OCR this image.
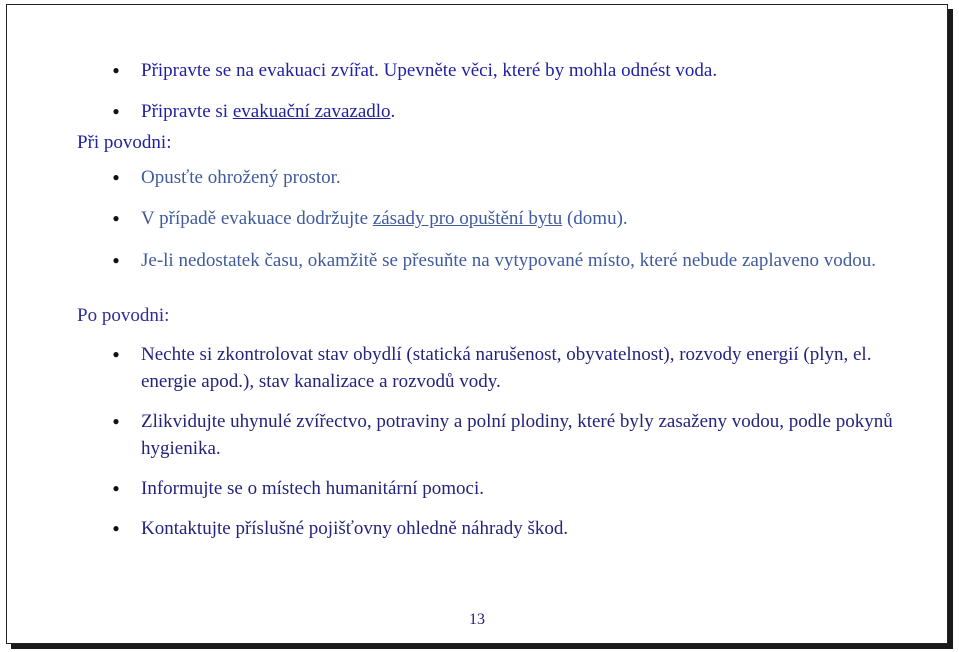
● Připravte se na evakuaci zvířat. Upevněte věci, které by mohla odnést voda.
● Připravte si evakuační zavazadlo.
Při povodni:
● Opusťte ohrožený prostor.
● V případě evakuace dodržujte zásady pro opuštění bytu (domu).
● Je-li nedostatek času, okamžitě se přesuňte na vytypované místo, které nebude zaplaveno vodou.
Po povodni:
● Nechte si zkontrolovat stav obydlí (statická narušenost, obyvatelnost), rozvody energií (plyn, el. energie apod.), stav kanalizace a rozvodů vody.
● Zlikvidujte uhynulé zvířectvo, potraviny a polní plodiny, které byly zasaženy vodou, podle pokynů hygienika.
● Informujte se o místech humanitární pomoci.
● Kontaktujte příslušné pojišťovny ohledně náhrady škod.
13
